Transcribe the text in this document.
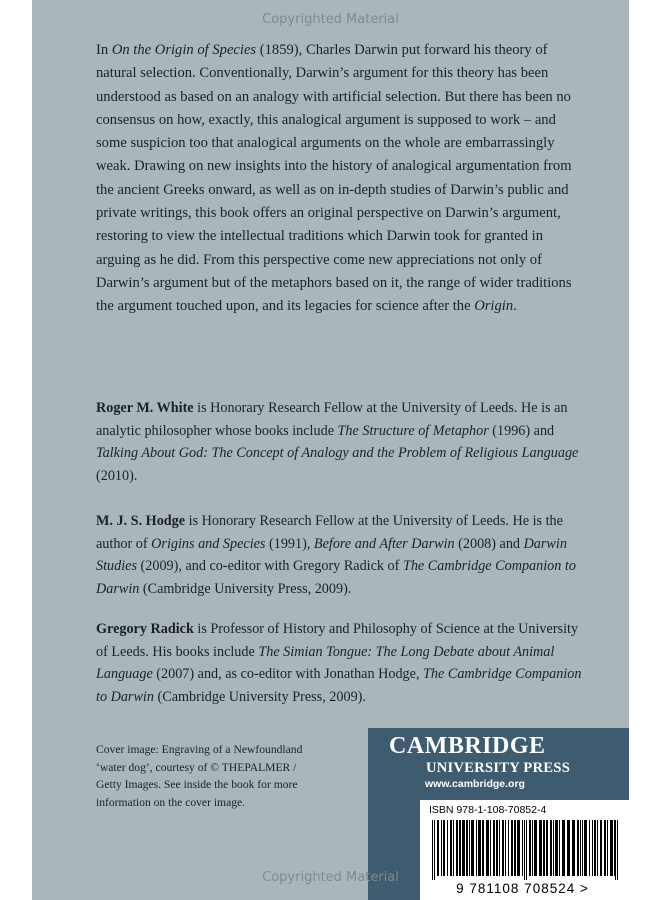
Copyrighted Material

In On the Origin of Species (1859), Charles Darwin put forward his theory of natural selection. Conventionally, Darwin’s argument for this theory has been understood as based on an analogy with artificial selection. But there has been no consensus on how, exactly, this analogical argument is supposed to work – and some suspicion too that analogical arguments on the whole are embarrassingly weak. Drawing on new insights into the history of analogical argumentation from the ancient Greeks onward, as well as on in-depth studies of Darwin’s public and private writings, this book offers an original perspective on Darwin’s argument, restoring to view the intellectual traditions which Darwin took for granted in arguing as he did. From this perspective come new appreciations not only of Darwin’s argument but of the metaphors based on it, the range of wider traditions the argument touched upon, and its legacies for science after the Origin.

Roger M. White is Honorary Research Fellow at the University of Leeds. He is an analytic philosopher whose books include The Structure of Metaphor (1996) and Talking About God: The Concept of Analogy and the Problem of Religious Language (2010).

M. J. S. Hodge is Honorary Research Fellow at the University of Leeds. He is the author of Origins and Species (1991), Before and After Darwin (2008) and Darwin Studies (2009), and co-editor with Gregory Radick of The Cambridge Companion to Darwin (Cambridge University Press, 2009).

Gregory Radick is Professor of History and Philosophy of Science at the University of Leeds. His books include The Simian Tongue: The Long Debate about Animal Language (2007) and, as co-editor with Jonathan Hodge, The Cambridge Companion to Darwin (Cambridge University Press, 2009).

Cover image: Engraving of a Newfoundland ‘water dog’, courtesy of © THEPALMER / Getty Images. See inside the book for more information on the cover image.

CAMBRIDGE
UNIVERSITY PRESS
www.cambridge.org
ISBN 978-1-108-70852-4
9 781108 708524 >
Copyrighted Material
